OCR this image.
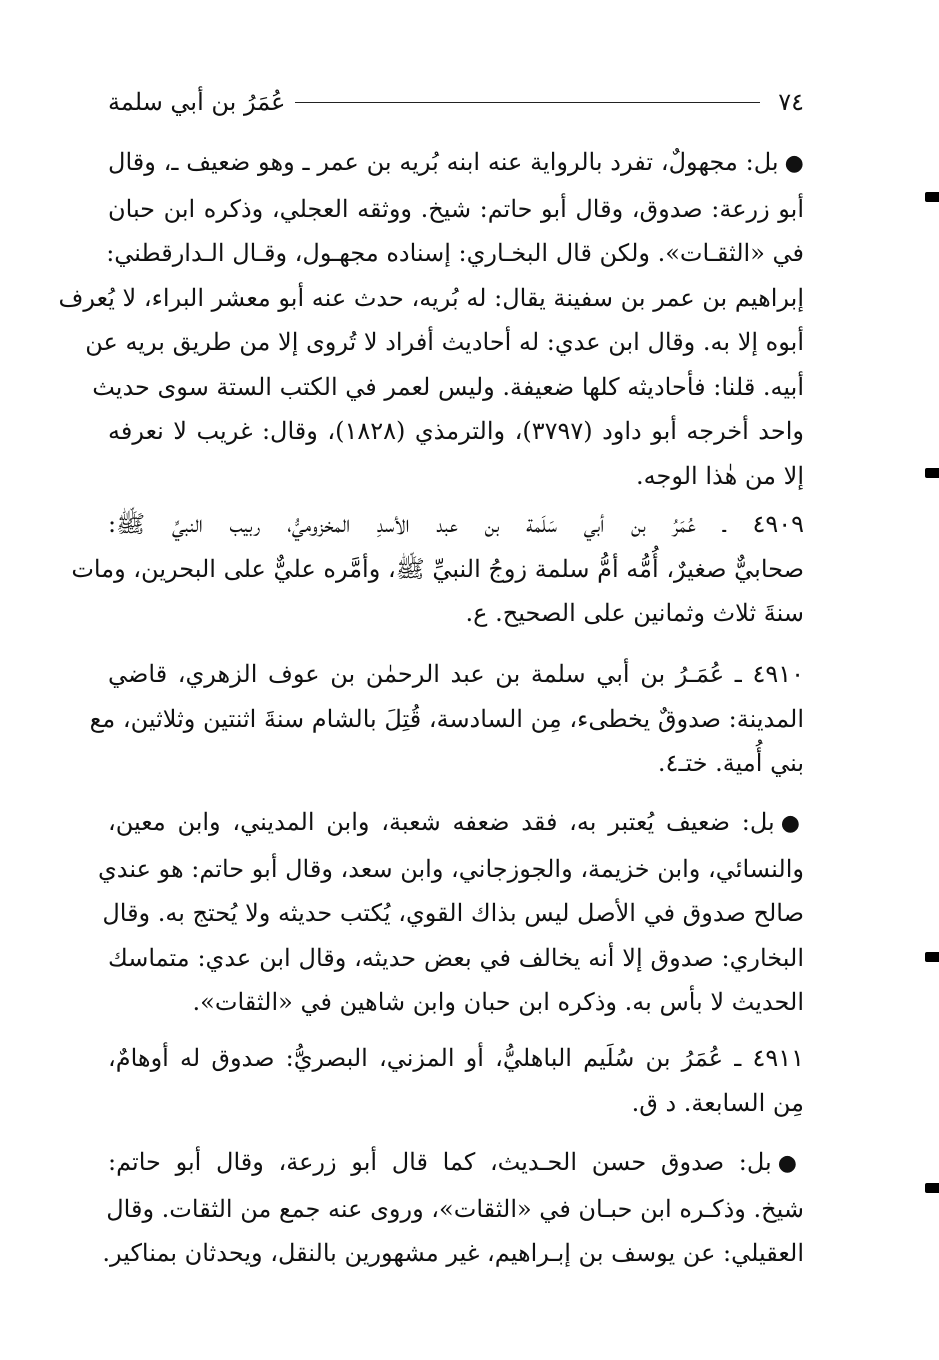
٧٤
عُمَرُ بن أبي سلمة
●بل: مجهولٌ، تفرد بالرواية عنه ابنه بُريه بن عمر ـ وهو ضعيف ـ، وقال
أبو زرعة: صدوق، وقال أبو حاتم: شيخ. ووثقه العجلي، وذكره ابن حبان
في «الثقـات». ولكن قال البخـاري: إسناده مجهـول، وقـال الـدارقطني:
إبراهيم بن عمر بن سفينة يقال: له بُريه، حدث عنه أبو معشر البراء، لا يُعرف
أبوه إلا به. وقال ابن عدي: له أحاديث أفراد لا تُروى إلا من طريق بريه عن
أبيه. قلنا: فأحاديثه كلها ضعيفة. وليس لعمر في الكتب الستة سوى حديث
واحد أخرجه أبو داود (٣٧٩٧)، والترمذي (١٨٢٨)، وقال: غريب لا نعرفه
إلا من هٰذا الوجه.
٤٩٠٩ ـ عُمَرُ بن أبي سَلَمة بن عبد الأسدِ المخزوميُّ، ربيب النبيِّ ﷺ:
صحابيٌّ صغيرٌ، أُمُّه أمُّ سلمة زوجُ النبيِّ ﷺ، وأمَّره عليٌّ على البحرين، ومات
سنةَ ثلاث وثمانين على الصحيح. ع.
٤٩١٠ ـ عُمَـرُ بن أبي سلمة بن عبد الرحمٰن بن عوف الزهري، قاضي
المدينة: صدوقٌ يخطىء، مِن السادسة، قُتِلَ بالشام سنةَ اثنتين وثلاثين، مع
بني أُمية. ختـ٤.
●بل: ضعيف يُعتبر به، فقد ضعفه شعبة، وابن المديني، وابن معين،
والنسائي، وابن خزيمة، والجوزجاني، وابن سعد، وقال أبو حاتم: هو عندي
صالح صدوق في الأصل ليس بذاك القوي، يُكتب حديثه ولا يُحتج به. وقال
البخاري: صدوق إلا أنه يخالف في بعض حديثه، وقال ابن عدي: متماسك
الحديث لا بأس به. وذكره ابن حبان وابن شاهين في «الثقات».
٤٩١١ ـ عُمَرُ بن سُلَيم الباهليُّ، أو المزني، البصريُّ: صدوق له أوهامٌ،
مِن السابعة. د ق.
●بل: صدوق حسن الحـديث، كما قال أبو زرعة، وقال أبو حاتم:
شيخ. وذكـره ابن حبـان في «الثقات»، وروى عنه جمع من الثقات. وقال
العقيلي: عن يوسف بن إبـراهيم، غير مشهورين بالنقل، ويحدثان بمناكير.
